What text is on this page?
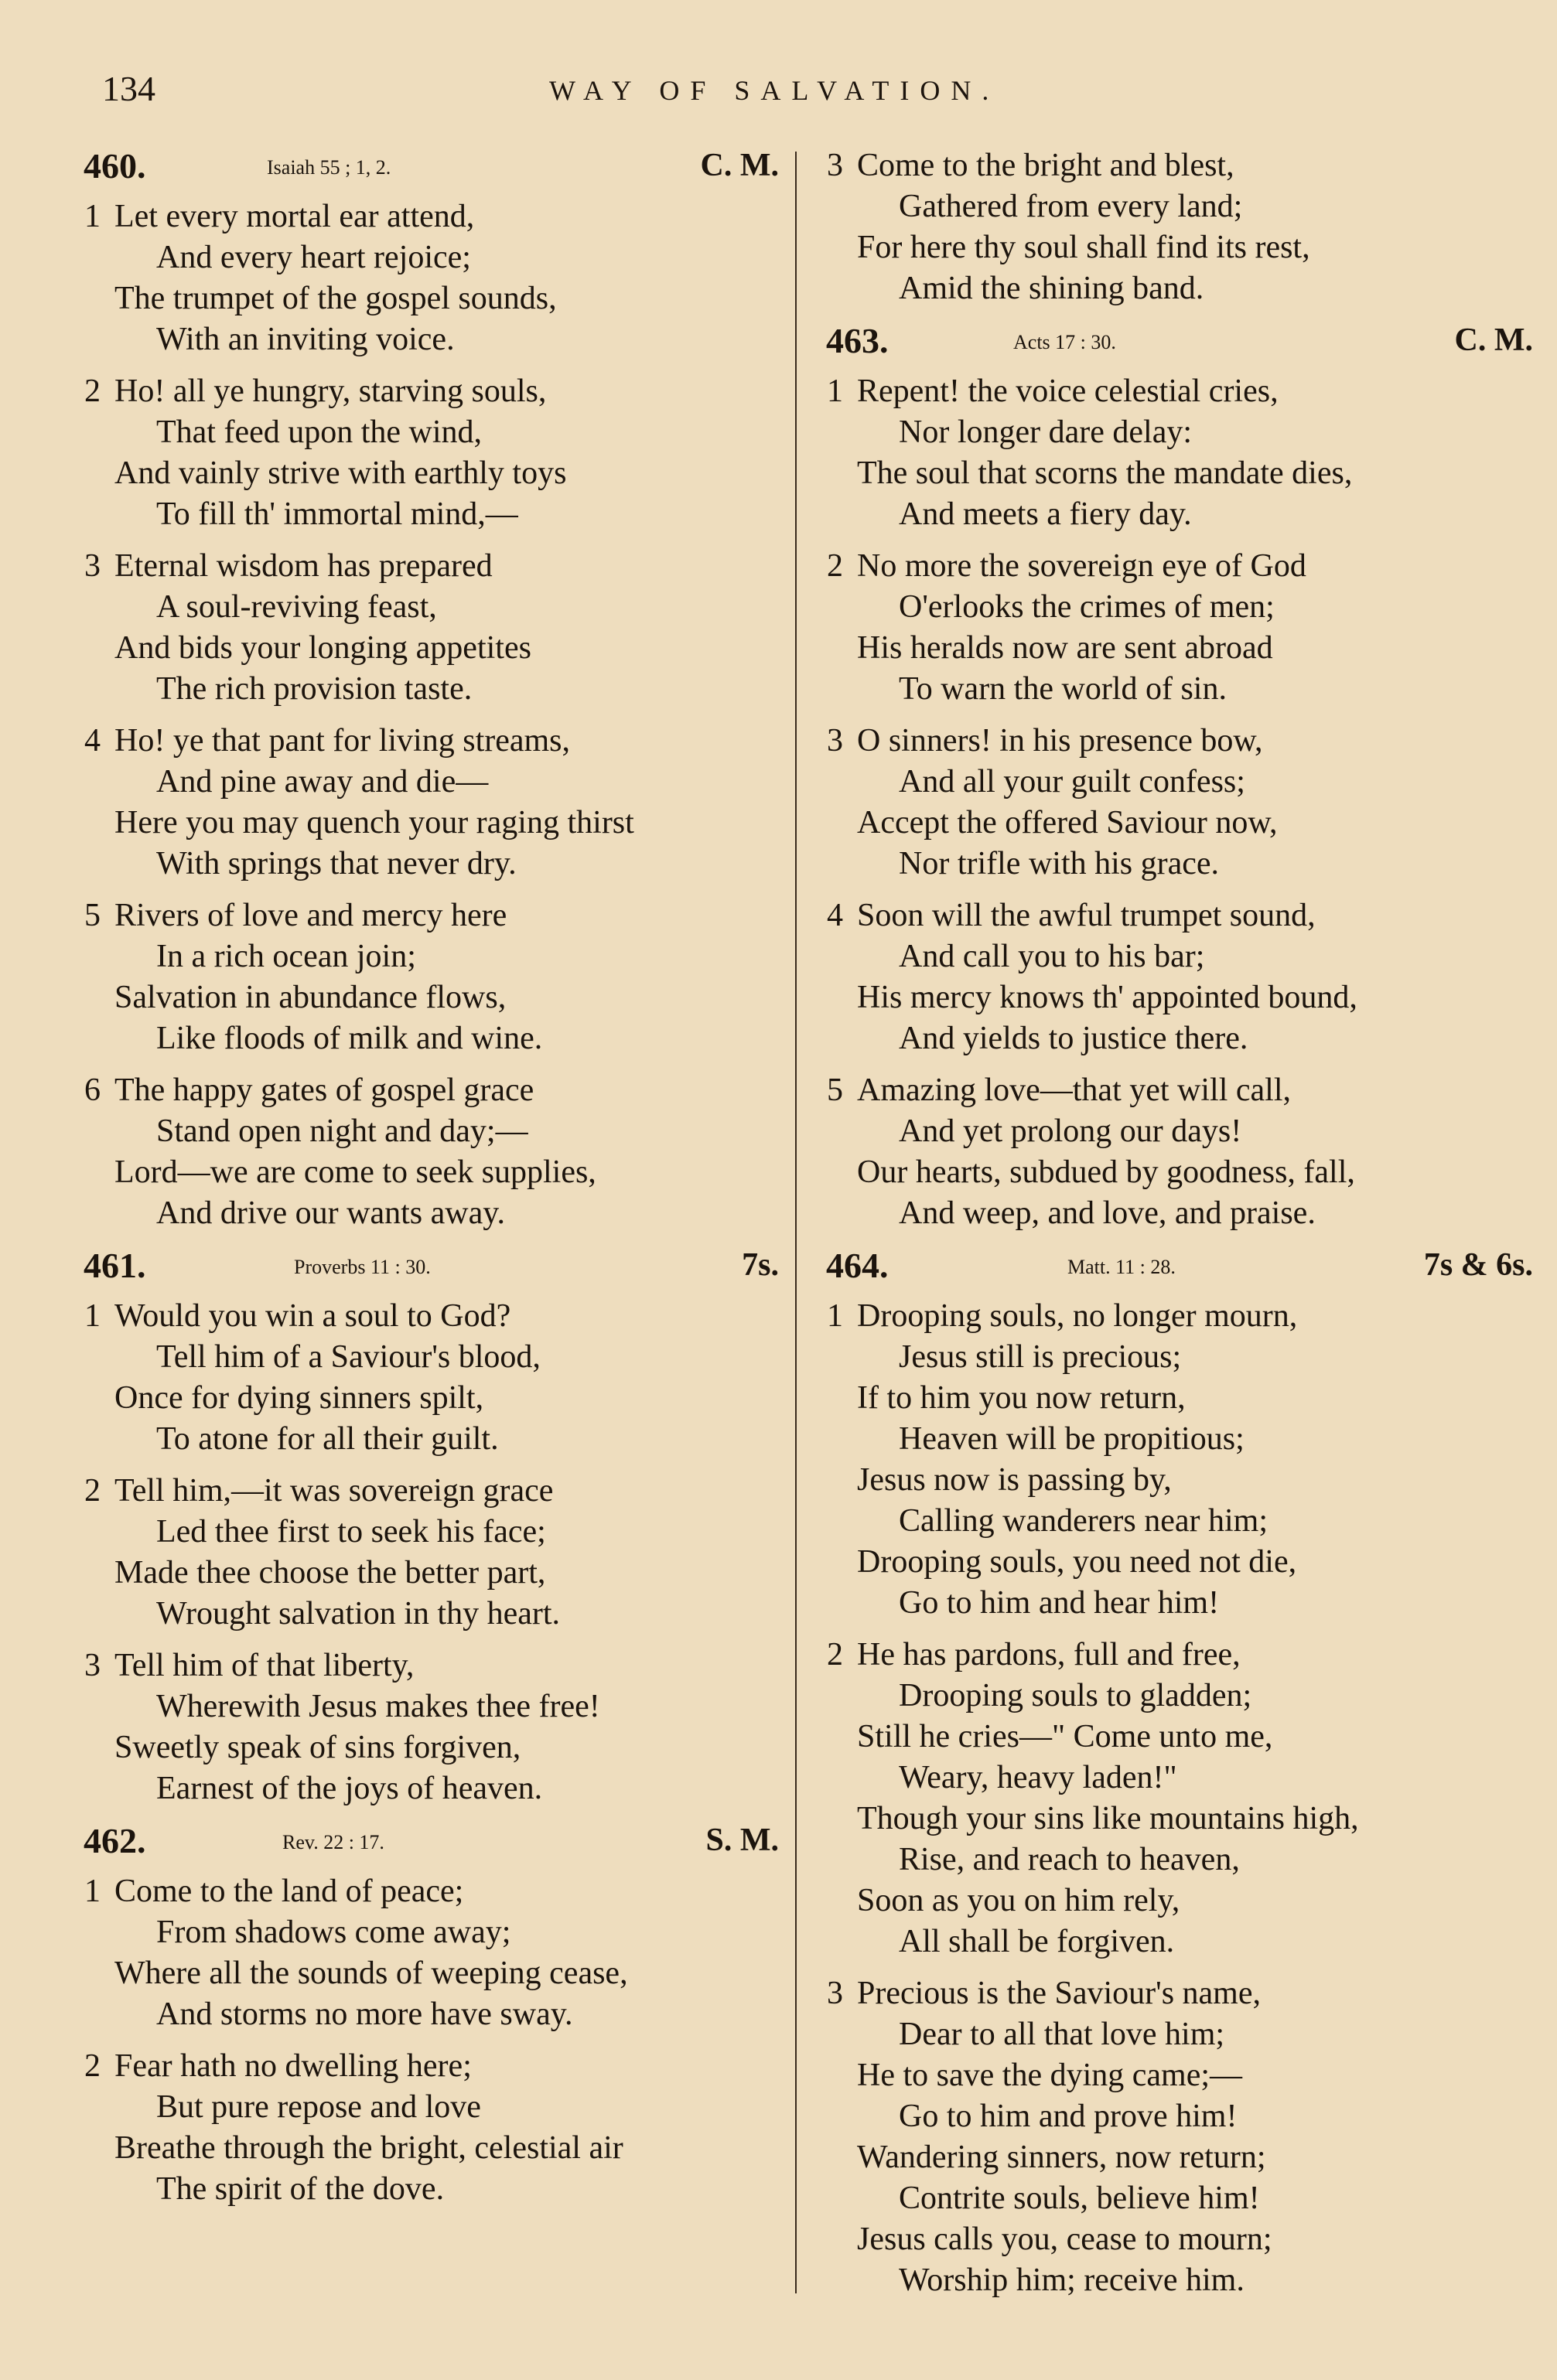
134	WAY OF SALVATION.
460.	Isaiah 55 ; 1, 2.	C. M.
1 Let every mortal ear attend,
And every heart rejoice;
The trumpet of the gospel sounds,
With an inviting voice.
2 Ho! all ye hungry, starving souls,
That feed upon the wind,
And vainly strive with earthly toys
To fill th' immortal mind,—
3 Eternal wisdom has prepared
A soul-reviving feast,
And bids your longing appetites
The rich provision taste.
4 Ho! ye that pant for living streams,
And pine away and die—
Here you may quench your raging thirst
With springs that never dry.
5 Rivers of love and mercy here
In a rich ocean join;
Salvation in abundance flows,
Like floods of milk and wine.
6 The happy gates of gospel grace
Stand open night and day;—
Lord—we are come to seek supplies,
And drive our wants away.
461.	Proverbs 11 : 30.	7s.
1 Would you win a soul to God?
Tell him of a Saviour's blood,
Once for dying sinners spilt,
To atone for all their guilt.
2 Tell him,—it was sovereign grace
Led thee first to seek his face;
Made thee choose the better part,
Wrought salvation in thy heart.
3 Tell him of that liberty,
Wherewith Jesus makes thee free!
Sweetly speak of sins forgiven,
Earnest of the joys of heaven.
462.	Rev. 22 : 17.	S. M.
1 Come to the land of peace;
From shadows come away;
Where all the sounds of weeping cease,
And storms no more have sway.
2 Fear hath no dwelling here;
But pure repose and love
Breathe through the bright, celestial air
The spirit of the dove.
3 Come to the bright and blest,
Gathered from every land;
For here thy soul shall find its rest,
Amid the shining band.
463.	Acts 17 : 30.	C. M.
1 Repent! the voice celestial cries,
Nor longer dare delay:
The soul that scorns the mandate dies,
And meets a fiery day.
2 No more the sovereign eye of God
O'erlooks the crimes of men;
His heralds now are sent abroad
To warn the world of sin.
3 O sinners! in his presence bow,
And all your guilt confess;
Accept the offered Saviour now,
Nor trifle with his grace.
4 Soon will the awful trumpet sound,
And call you to his bar;
His mercy knows th' appointed bound,
And yields to justice there.
5 Amazing love—that yet will call,
And yet prolong our days!
Our hearts, subdued by goodness, fall,
And weep, and love, and praise.
464.	Matt. 11 : 28.	7s & 6s.
1 Drooping souls, no longer mourn,
Jesus still is precious;
If to him you now return,
Heaven will be propitious;
Jesus now is passing by,
Calling wanderers near him;
Drooping souls, you need not die,
Go to him and hear him!
2 He has pardons, full and free,
Drooping souls to gladden;
Still he cries—" Come unto me,
Weary, heavy laden!"
Though your sins like mountains high,
Rise, and reach to heaven,
Soon as you on him rely,
All shall be forgiven.
3 Precious is the Saviour's name,
Dear to all that love him;
He to save the dying came;—
Go to him and prove him!
Wandering sinners, now return;
Contrite souls, believe him!
Jesus calls you, cease to mourn;
Worship him; receive him.
